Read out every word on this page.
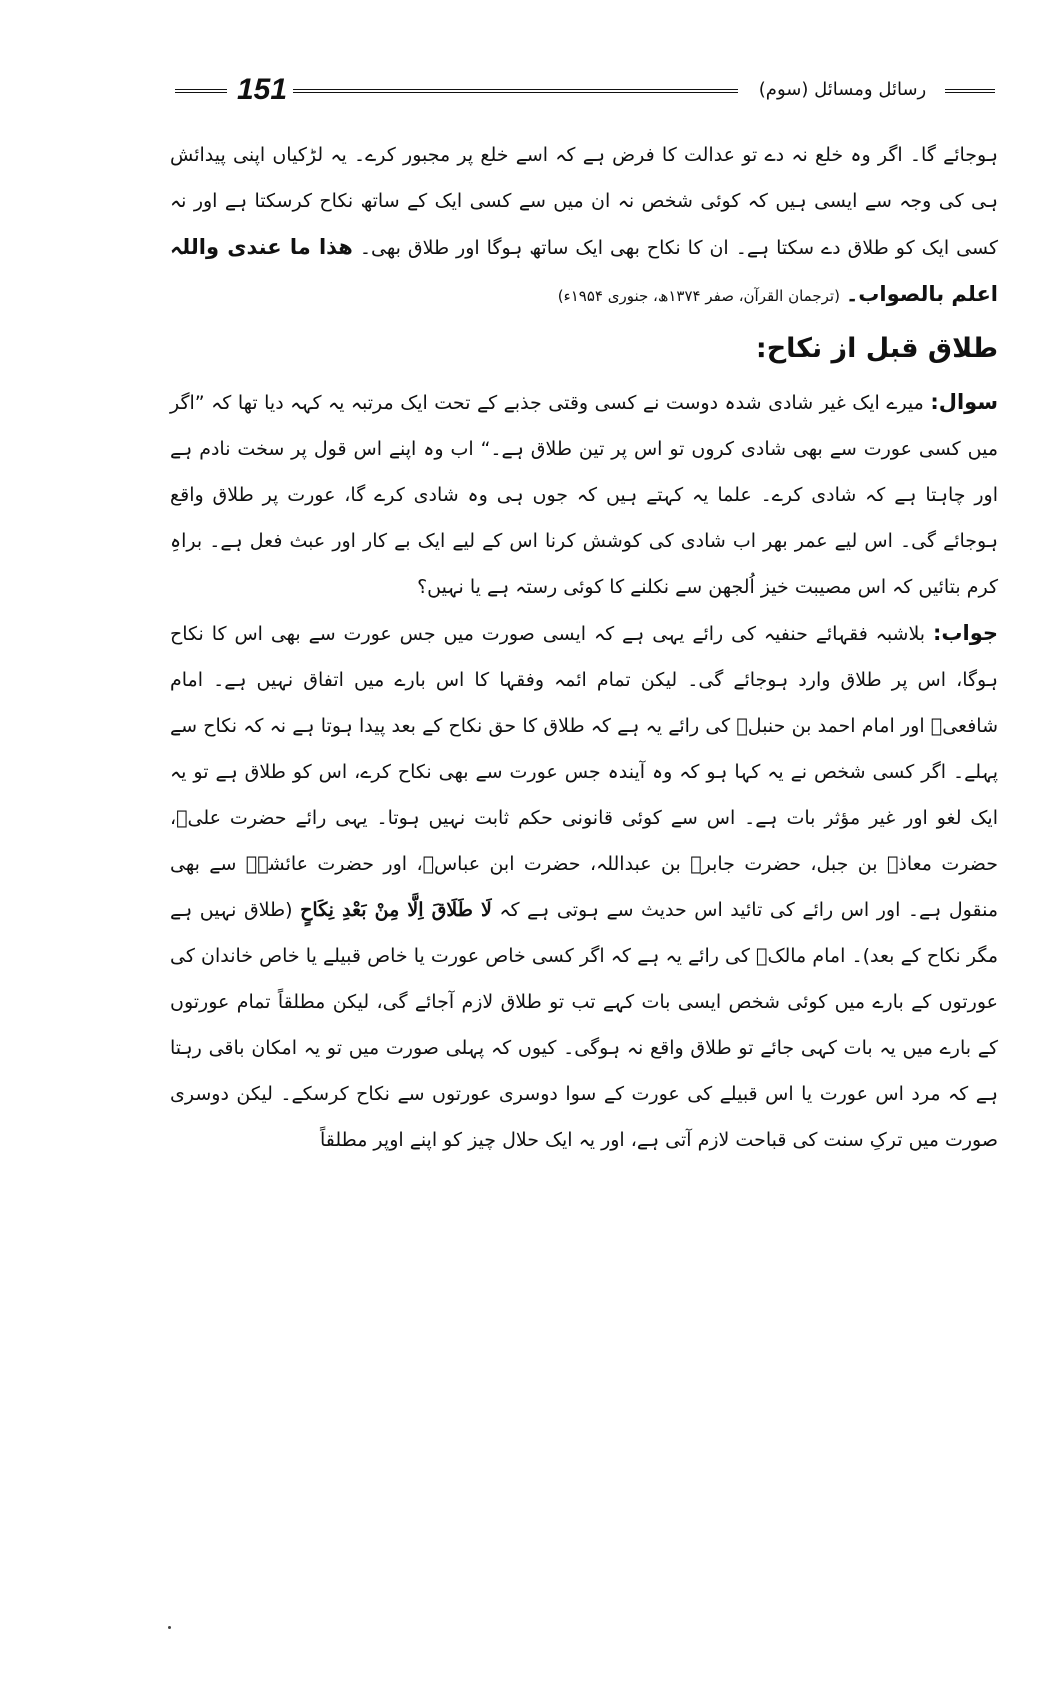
151	رسائل ومسائل (سوم)

ہوجائے گا۔ اگر وہ خلع نہ دے تو عدالت کا فرض ہے کہ اسے خلع پر مجبور کرے۔ یہ لڑکیاں اپنی پیدائش ہی کی وجہ سے ایسی ہیں کہ کوئی شخص نہ ان میں سے کسی ایک کے ساتھ نکاح کرسکتا ہے اور نہ کسی ایک کو طلاق دے سکتا ہے۔ ان کا نکاح بھی ایک ساتھ ہوگا اور طلاق بھی۔ ھذا ما عندی واللہ اعلم بالصواب۔ (ترجمان القرآن، صفر ۱۳۷۴ھ، جنوری ۱۹۵۴ء)

طلاق قبل از نکاح:

سوال: میرے ایک غیر شادی شدہ دوست نے کسی وقتی جذبے کے تحت ایک مرتبہ یہ کہہ دیا تھا کہ ”اگر میں کسی عورت سے بھی شادی کروں تو اس پر تین طلاق ہے۔“ اب وہ اپنے اس قول پر سخت نادم ہے اور چاہتا ہے کہ شادی کرے۔ علما یہ کہتے ہیں کہ جوں ہی وہ شادی کرے گا، عورت پر طلاق واقع ہوجائے گی۔ اس لیے عمر بھر اب شادی کی کوشش کرنا اس کے لیے ایک بے کار اور عبث فعل ہے۔ براہِ کرم بتائیں کہ اس مصیبت خیز اُلجھن سے نکلنے کا کوئی رستہ ہے یا نہیں؟

جواب: بلاشبہ فقہائے حنفیہ کی رائے یہی ہے کہ ایسی صورت میں جس عورت سے بھی اس کا نکاح ہوگا، اس پر طلاق وارد ہوجائے گی۔ لیکن تمام ائمہ وفقہا کا اس بارے میں اتفاق نہیں ہے۔ امام شافعیؒ اور امام احمد بن حنبلؒ کی رائے یہ ہے کہ طلاق کا حق نکاح کے بعد پیدا ہوتا ہے نہ کہ نکاح سے پہلے۔ اگر کسی شخص نے یہ کہا ہو کہ وہ آیندہ جس عورت سے بھی نکاح کرے، اس کو طلاق ہے تو یہ ایک لغو اور غیر مؤثر بات ہے۔ اس سے کوئی قانونی حکم ثابت نہیں ہوتا۔ یہی رائے حضرت علیؓ، حضرت معاذؓ بن جبل، حضرت جابرؓ بن عبداللہ، حضرت ابن عباسؓ، اور حضرت عائشہؓ سے بھی منقول ہے۔ اور اس رائے کی تائید اس حدیث سے ہوتی ہے کہ لَا طَلَاقَ اِلَّا مِنْ بَعْدِ نِكَاحٍ (طلاق نہیں ہے مگر نکاح کے بعد)۔ امام مالکؒ کی رائے یہ ہے کہ اگر کسی خاص عورت یا خاص قبیلے یا خاص خاندان کی عورتوں کے بارے میں کوئی شخص ایسی بات کہے تب تو طلاق لازم آجائے گی، لیکن مطلقاً تمام عورتوں کے بارے میں یہ بات کہی جائے تو طلاق واقع نہ ہوگی۔ کیوں کہ پہلی صورت میں تو یہ امکان باقی رہتا ہے کہ مرد اس عورت یا اس قبیلے کی عورت کے سوا دوسری عورتوں سے نکاح کرسکے۔ لیکن دوسری صورت میں ترکِ سنت کی قباحت لازم آتی ہے، اور یہ ایک حلال چیز کو اپنے اوپر مطلقاً
